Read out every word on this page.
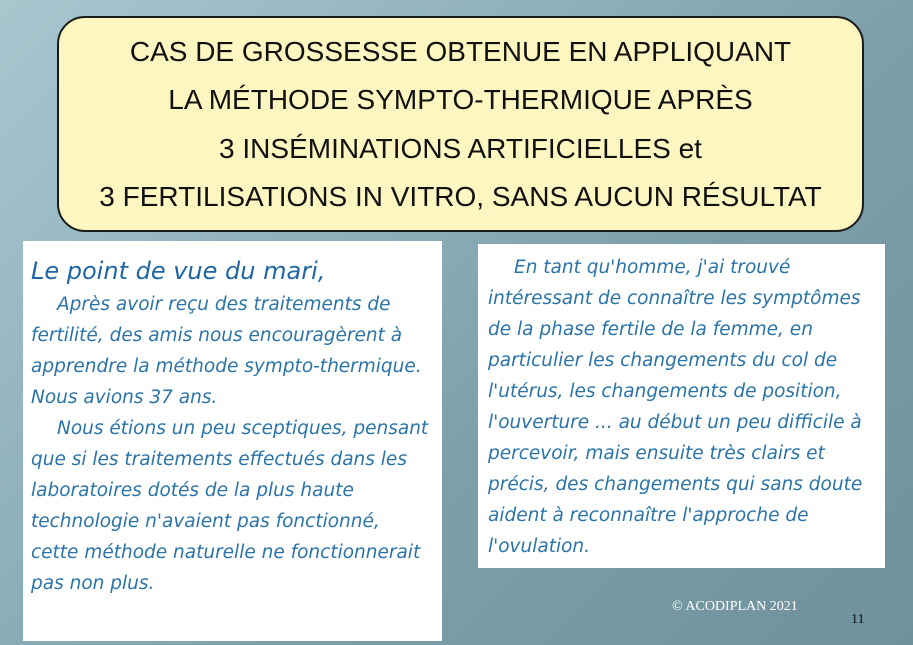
CAS DE GROSSESSE OBTENUE EN APPLIQUANT
LA MÉTHODE SYMPTO-THERMIQUE APRÈS
3 INSÉMINATIONS ARTIFICIELLES et
3 FERTILISATIONS IN VITRO, SANS AUCUN RÉSULTAT
Le point de vue du mari,

Après avoir reçu des traitements de fertilité, des amis nous encouragèrent à apprendre la méthode sympto-thermique. Nous avions 37 ans.

Nous étions un peu sceptiques, pensant que si les traitements effectués dans les laboratoires dotés de la plus haute technologie n'avaient pas fonctionné, cette méthode naturelle ne fonctionnerait pas non plus.

En tant qu'homme, j'ai trouvé intéressant de connaître les symptômes de la phase fertile de la femme, en particulier les changements du col de l'utérus, les changements de position, l'ouverture ... au début un peu difficile à percevoir, mais ensuite très clairs et précis, des changements qui sans doute aident à reconnaître l'approche de l'ovulation.

© ACODIPLAN 2021
11
